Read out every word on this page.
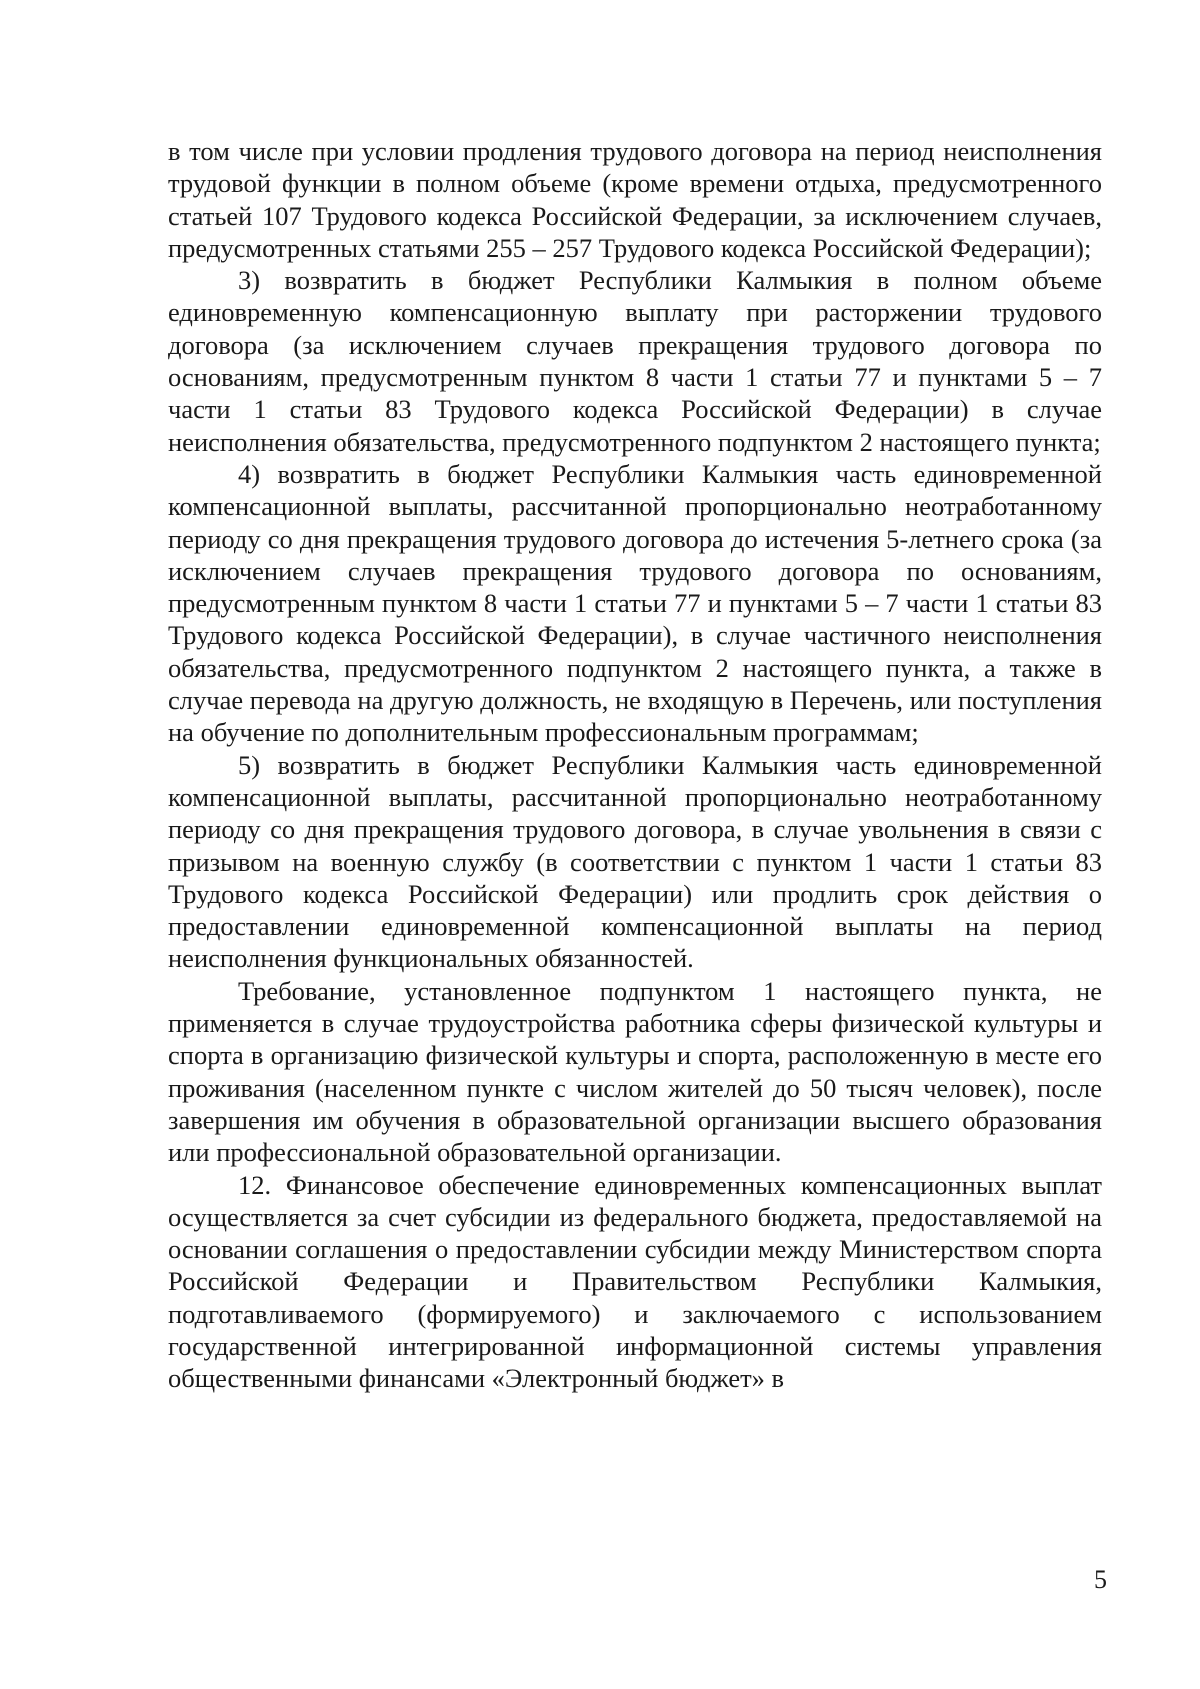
в том числе при условии продления трудового договора на период неисполнения трудовой функции в полном объеме (кроме времени отдыха, предусмотренного статьей 107 Трудового кодекса Российской Федерации, за исключением случаев, предусмотренных статьями 255 – 257 Трудового кодекса Российской Федерации);

3) возвратить в бюджет Республики Калмыкия в полном объеме единовременную компенсационную выплату при расторжении трудового договора (за исключением случаев прекращения трудового договора по основаниям, предусмотренным пунктом 8 части 1 статьи 77 и пунктами 5 – 7 части 1 статьи 83 Трудового кодекса Российской Федерации) в случае неисполнения обязательства, предусмотренного подпунктом 2 настоящего пункта;

4) возвратить в бюджет Республики Калмыкия часть единовременной компенсационной выплаты, рассчитанной пропорционально неотработанному периоду со дня прекращения трудового договора до истечения 5-летнего срока (за исключением случаев прекращения трудового договора по основаниям, предусмотренным пунктом 8 части 1 статьи 77 и пунктами 5 – 7 части 1 статьи 83 Трудового кодекса Российской Федерации), в случае частичного неисполнения обязательства, предусмотренного подпунктом 2 настоящего пункта, а также в случае перевода на другую должность, не входящую в Перечень, или поступления на обучение по дополнительным профессиональным программам;

5) возвратить в бюджет Республики Калмыкия часть единовременной компенсационной выплаты, рассчитанной пропорционально неотработанному периоду со дня прекращения трудового договора, в случае увольнения в связи с призывом на военную службу (в соответствии с пунктом 1 части 1 статьи 83 Трудового кодекса Российской Федерации) или продлить срок действия о предоставлении единовременной компенсационной выплаты на период неисполнения функциональных обязанностей.

Требование, установленное подпунктом 1 настоящего пункта, не применяется в случае трудоустройства работника сферы физической культуры и спорта в организацию физической культуры и спорта, расположенную в месте его проживания (населенном пункте с числом жителей до 50 тысяч человек), после завершения им обучения в образовательной организации высшего образования или профессиональной образовательной организации.

12. Финансовое обеспечение единовременных компенсационных выплат осуществляется за счет субсидии из федерального бюджета, предоставляемой на основании соглашения о предоставлении субсидии между Министерством спорта Российской Федерации и Правительством Республики Калмыкия, подготавливаемого (формируемого) и заключаемого с использованием государственной интегрированной информационной системы управления общественными финансами «Электронный бюджет» в

5
